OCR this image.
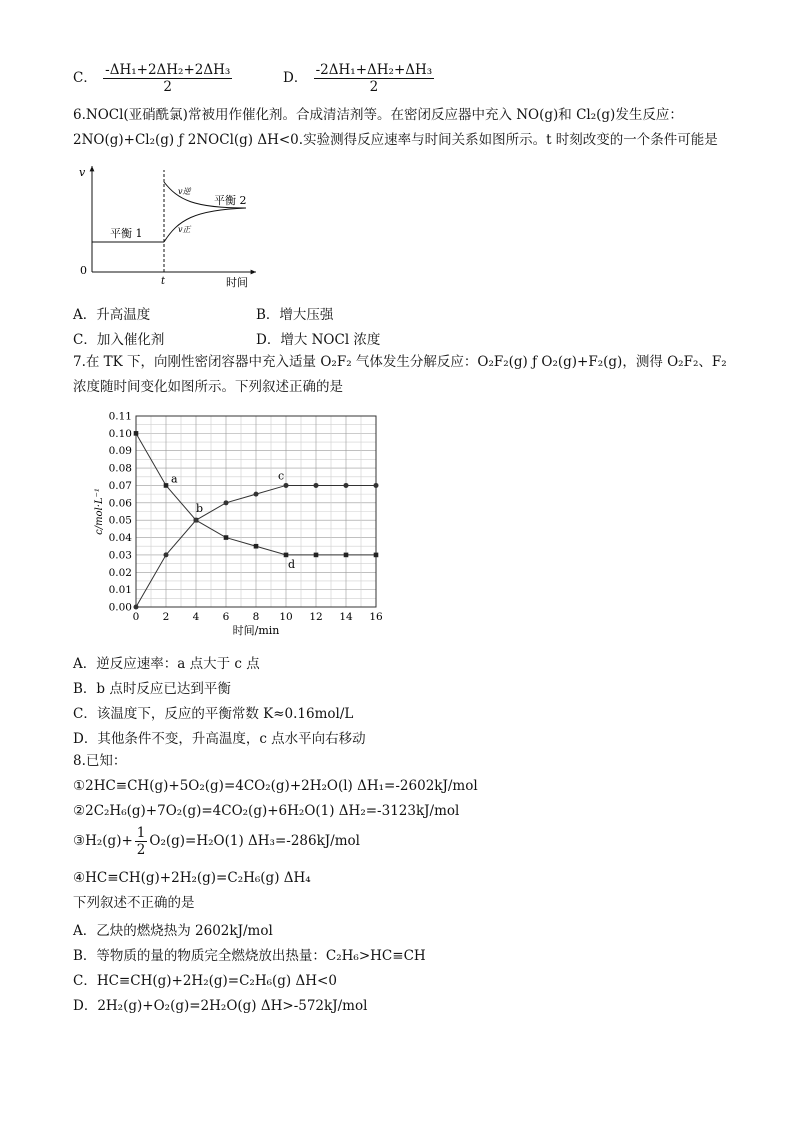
C． $\frac{\text{-ΔH₁+2ΔH₂+2ΔH₃}}{2}$	D． $\frac{\text{-2ΔH₁+ΔH₂+ΔH₃}}{2}$
6.NOCl(亚硝酰氯)常被用作催化剂。合成清洁剂等。在密闭反应器中充入 NO(g)和 Cl₂(g)发生反应：
2NO(g)+Cl₂(g) ƒ 2NOCl(g) ΔH<0.实验测得反应速率与时间关系如图所示。t 时刻改变的一个条件可能是
v
0
t	时间
平衡 1
v逆
v正
平衡 2
A．升高温度	B．增大压强
C．加入催化剂	D．增大 NOCl 浓度
7.在 TK 下，向刚性密闭容器中充入适量 O₂F₂ 气体发生分解反应：O₂F₂(g) ƒ O₂(g)+F₂(g)，测得 O₂F₂、F₂
浓度随时间变化如图所示。下列叙述正确的是
0.00
0.01
0.02
0.03
0.04
0.05
0.06
0.07
0.08
0.09
0.10
0.11
0 2 4 6 8 10 12 14 16
a
b
c
d
时间/min
c/mol·L⁻¹
A．逆反应速率：a 点大于 c 点
B．b 点时反应已达到平衡
C．该温度下，反应的平衡常数 K≈0.16mol/L
D．其他条件不变，升高温度，c 点水平向右移动
8.已知：
①2HC≡CH(g)+5O₂(g)=4CO₂(g)+2H₂O(l) ΔH₁=-2602kJ/mol
②2C₂H₆(g)+7O₂(g)=4CO₂(g)+6H₂O(1) ΔH₂=-3123kJ/mol
③H₂(g)+ $\frac{1}{2} O_2(g)=H_2O(1)$ ΔH₃=-286kJ/mol
④HC≡CH(g)+2H₂(g)=C₂H₆(g) ΔH₄
下列叙述不正确的是
A．乙炔的燃烧热为 2602kJ/mol
B．等物质的量的物质完全燃烧放出热量：C₂H₆>HC≡CH
C．HC≡CH(g)+2H₂(g)=C₂H₆(g) ΔH<0
D．2H₂(g)+O₂(g)=2H₂O(g) ΔH>-572kJ/mol
